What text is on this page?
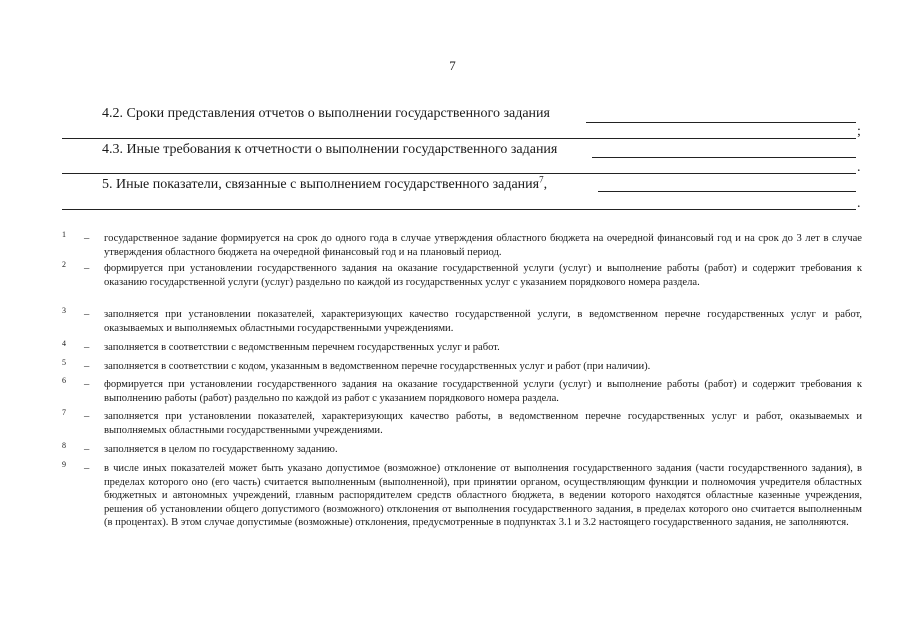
7
4.2. Сроки представления отчетов о выполнении государственного задания
;
4.3. Иные требования к отчетности о выполнении государственного задания
.
5. Иные показатели, связанные с выполнением государственного задания$^7$,
.
1 – государственное задание формируется на срок до одного года в случае утверждения областного бюджета на очередной финансовый год и на срок до 3 лет в случае утверждения областного бюджета на очередной финансовый год и на плановый период.
2 – формируется при установлении государственного задания на оказание государственной услуги (услуг) и выполнение работы (работ) и содержит требования к оказанию государственной услуги (услуг) раздельно по каждой из государственных услуг с указанием порядкового номера раздела.
3 – заполняется при установлении показателей, характеризующих качество государственной услуги, в ведомственном перечне государственных услуг и работ, оказываемых и выполняемых областными государственными учреждениями.
4 – заполняется в соответствии с ведомственным перечнем государственных услуг и работ.
5 – заполняется в соответствии с кодом, указанным в ведомственном перечне государственных услуг и работ (при наличии).
6 – формируется при установлении государственного задания на оказание государственной услуги (услуг) и выполнение работы (работ) и содержит требования к выполнению работы (работ) раздельно по каждой из работ с указанием порядкового номера раздела.
7 – заполняется при установлении показателей, характеризующих качество работы, в ведомственном перечне государственных услуг и работ, оказываемых и выполняемых областными государственными учреждениями.
8 – заполняется в целом по государственному заданию.
9 – в числе иных показателей может быть указано допустимое (возможное) отклонение от выполнения государственного задания (части государственного задания), в пределах которого оно (его часть) считается выполненным (выполненной), при принятии органом, осуществляющим функции и полномочия учредителя областных бюджетных и автономных учреждений, главным распорядителем средств областного бюджета, в ведении которого находятся областные казенные учреждения, решения об установлении общего допустимого (возможного) отклонения от выполнения государственного задания, в пределах которого оно считается выполненным (в процентах). В этом случае допустимые (возможные) отклонения, предусмотренные в подпунктах 3.1 и 3.2 настоящего государственного задания, не заполняются.
